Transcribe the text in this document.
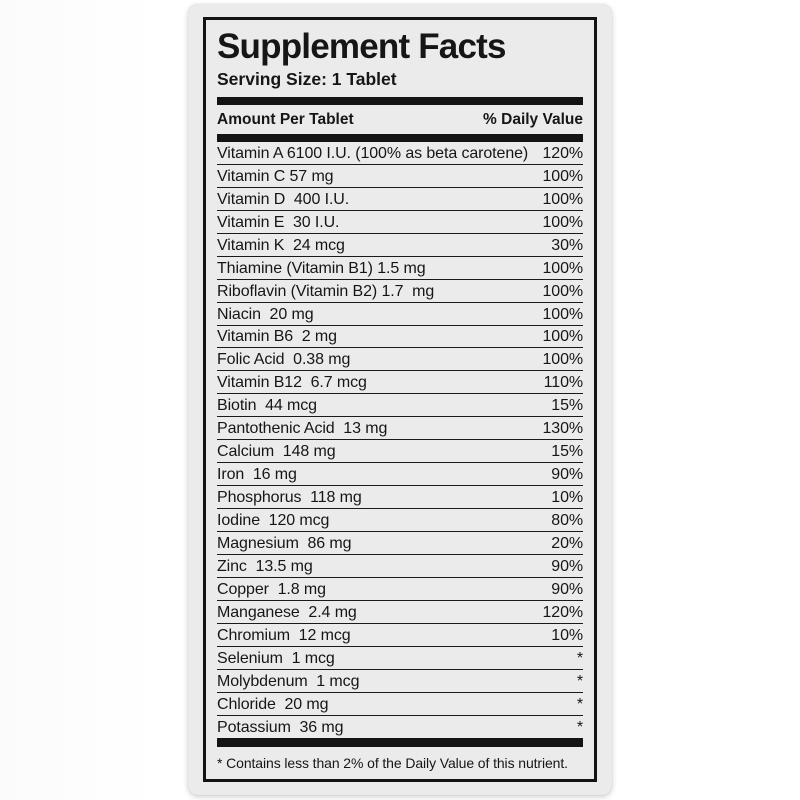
Supplement Facts
Serving Size: 1 Tablet
Amount Per Tablet	% Daily Value
Vitamin A 6100 I.U. (100% as beta carotene) 120%
Vitamin C 57 mg	100%
Vitamin D  400 I.U.	100%
Vitamin E  30 I.U.	100%
Vitamin K  24 mcg	30%
Thiamine (Vitamin B1) 1.5 mg	100%
Riboflavin (Vitamin B2) 1.7  mg	100%
Niacin  20 mg	100%
Vitamin B6  2 mg	100%
Folic Acid  0.38 mg	100%
Vitamin B12  6.7 mcg	110%
Biotin  44 mcg	15%
Pantothenic Acid  13 mg	130%
Calcium  148 mg	15%
Iron  16 mg	90%
Phosphorus  118 mg	10%
Iodine  120 mcg	80%
Magnesium  86 mg	20%
Zinc  13.5 mg	90%
Copper  1.8 mg	90%
Manganese  2.4 mg	120%
Chromium  12 mcg	10%
Selenium  1 mcg	*
Molybdenum  1 mcg	*
Chloride  20 mg	*
Potassium  36 mg	*
* Contains less than 2% of the Daily Value of this nutrient.
